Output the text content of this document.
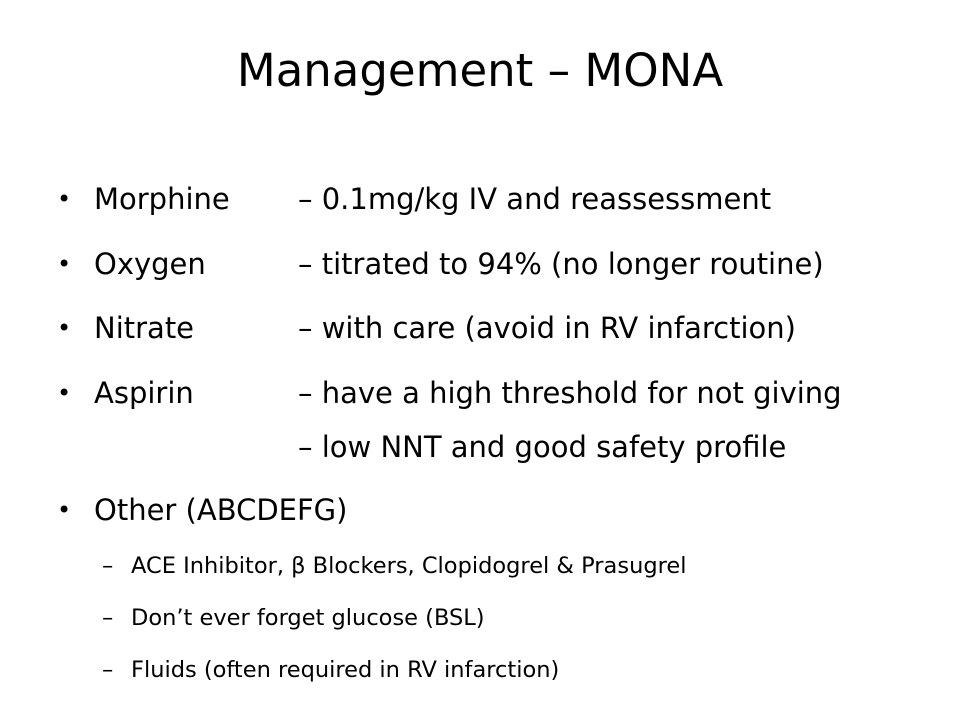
Management – MONA
• Morphine – 0.1mg/kg IV and reassessment
• Oxygen	– titrated to 94% (no longer routine)
• Nitrate	– with care (avoid in RV infarction)
• Aspirin	– have a high threshold for not giving
– low NNT and good safety profile
• Other (ABCDEFG)
– ACE Inhibitor, β Blockers, Clopidogrel & Prasugrel
– Don’t ever forget glucose (BSL)
– Fluids (often required in RV infarction)
